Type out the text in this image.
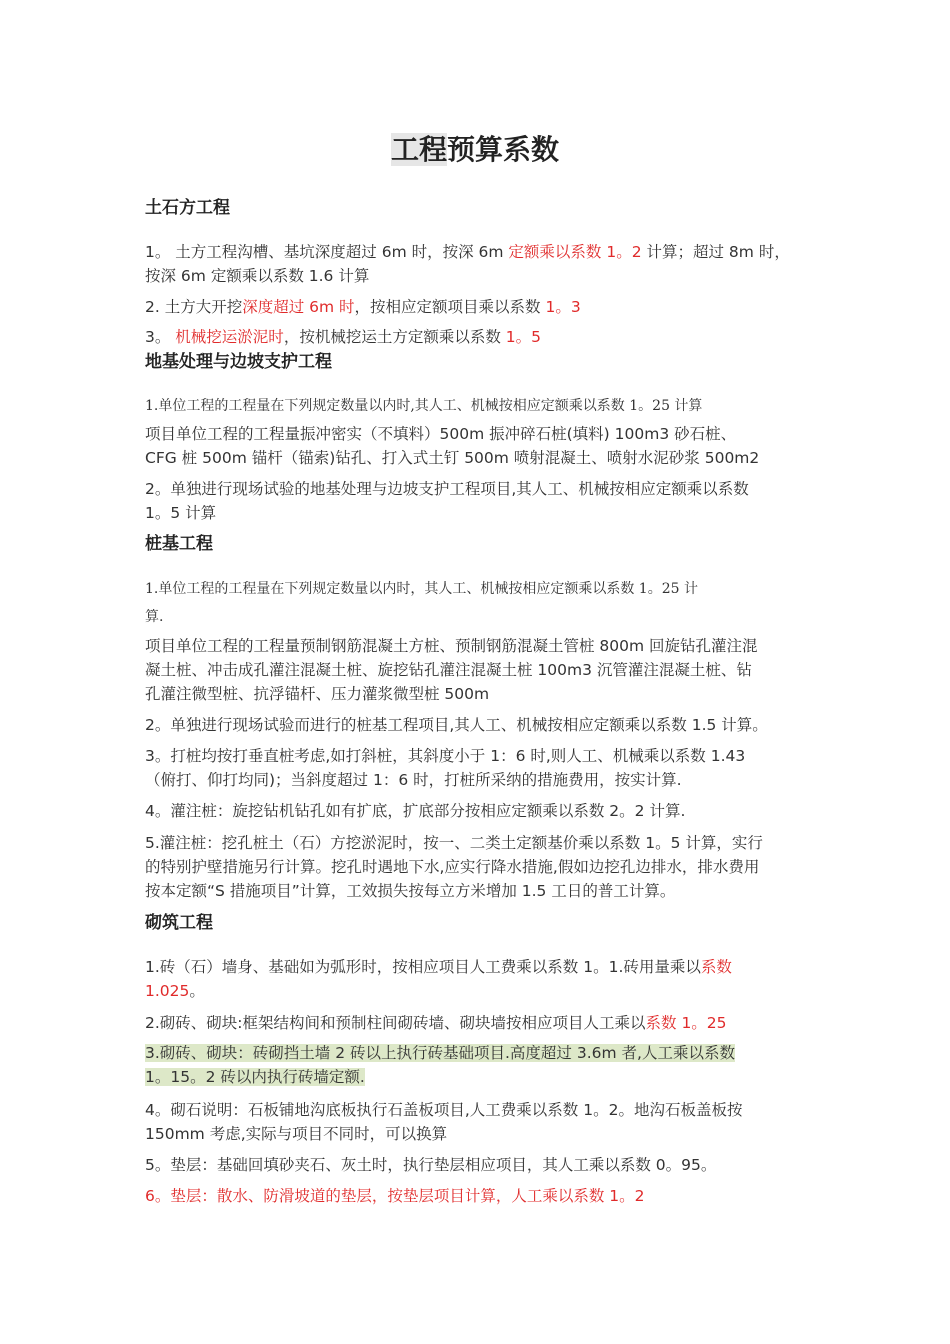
工程预算系数
土石方工程
1。 土方工程沟槽、基坑深度超过 6m 时，按深 6m 定额乘以系数 1。2 计算；超过 8m 时，
按深 6m 定额乘以系数 1.6 计算
2. 土方大开挖深度超过 6m 时，按相应定额项目乘以系数 1。3
3。 机械挖运淤泥时，按机械挖运土方定额乘以系数 1。5
地基处理与边坡支护工程
1.单位工程的工程量在下列规定数量以内时,其人工、机械按相应定额乘以系数 1。25 计算
项目单位工程的工程量振冲密实（不填料）500m 振冲碎石桩(填料) 100m3 砂石桩、
CFG 桩 500m 锚杆（锚索)钻孔、打入式土钉 500m 喷射混凝土、喷射水泥砂浆 500m2
2。单独进行现场试验的地基处理与边坡支护工程项目,其人工、机械按相应定额乘以系数
1。5 计算
桩基工程
1.单位工程的工程量在下列规定数量以内时，其人工、机械按相应定额乘以系数 1。25 计
算.
项目单位工程的工程量预制钢筋混凝土方桩、预制钢筋混凝土管桩 800m 回旋钻孔灌注混
凝土桩、冲击成孔灌注混凝土桩、旋挖钻孔灌注混凝土桩 100m3 沉管灌注混凝土桩、钻
孔灌注微型桩、抗浮锚杆、压力灌浆微型桩 500m
2。单独进行现场试验而进行的桩基工程项目,其人工、机械按相应定额乘以系数 1.5 计算。
3。打桩均按打垂直桩考虑,如打斜桩，其斜度小于 1：6 时,则人工、机械乘以系数 1.43
（俯打、仰打均同)；当斜度超过 1：6 时，打桩所采纳的措施费用，按实计算.
4。灌注桩：旋挖钻机钻孔如有扩底，扩底部分按相应定额乘以系数 2。2 计算.
5.灌注桩：挖孔桩土（石）方挖淤泥时，按一、二类土定额基价乘以系数 1。5 计算，实行
的特别护壁措施另行计算。挖孔时遇地下水,应实行降水措施,假如边挖孔边排水，排水费用
按本定额“S 措施项目”计算，工效损失按每立方米增加 1.5 工日的普工计算。
砌筑工程
1.砖（石）墙身、基础如为弧形时，按相应项目人工费乘以系数 1。1.砖用量乘以系数
1.025。
2.砌砖、砌块:框架结构间和预制柱间砌砖墙、砌块墙按相应项目人工乘以系数 1。25
3.砌砖、砌块：砖砌挡土墙 2 砖以上执行砖基础项目.高度超过 3.6m 者,人工乘以系数
1。15。2 砖以内执行砖墙定额.
4。砌石说明：石板铺地沟底板执行石盖板项目,人工费乘以系数 1。2。地沟石板盖板按
150mm 考虑,实际与项目不同时，可以换算
5。垫层：基础回填砂夹石、灰土时，执行垫层相应项目，其人工乘以系数 0。95。
6。垫层：散水、防滑坡道的垫层，按垫层项目计算，人工乘以系数 1。2
